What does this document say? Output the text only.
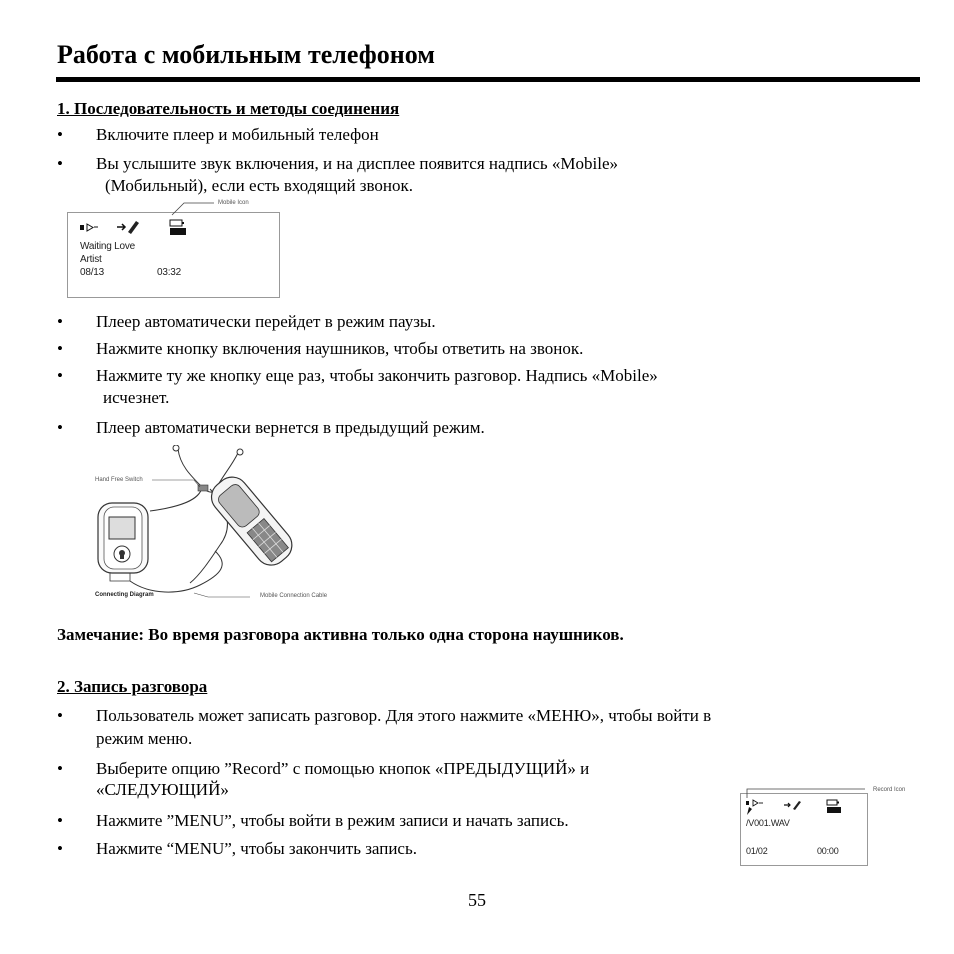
Работа с мобильным телефоном
1. Последовательность и методы соединения
• Включите плеер и мобильный телефон
• Вы услышите звук включения, и на дисплее появится надпись «Mobile»
(Мобильный), если есть входящий звонок.
Waiting Love
Artist
08/13	03:32
Mobile Icon
• Плеер автоматически перейдет в режим паузы.
• Нажмите кнопку включения наушников, чтобы ответить на звонок.
• Нажмите ту же кнопку еще раз, чтобы закончить разговор. Надпись «Mobile»
исчезнет.
• Плеер автоматически вернется в предыдущий режим.
Hand Free Switch
Connecting Diagram	Mobile Connection Cable
Замечание: Во время разговора активна только одна сторона наушников.
2. Запись разговора
• Пользователь может записать разговор. Для этого нажмите «МЕНЮ», чтобы войти в
режим меню.
• Выберите опцию ”Record” с помощью кнопок «ПРЕДЫДУЩИЙ» и
«СЛЕДУЮЩИЙ»
• Нажмите ”MENU”, чтобы войти в режим записи и начать запись.
• Нажмите “MENU”, чтобы закончить запись.
/V001.WAV
01/02	00:00
Record Icon
55
